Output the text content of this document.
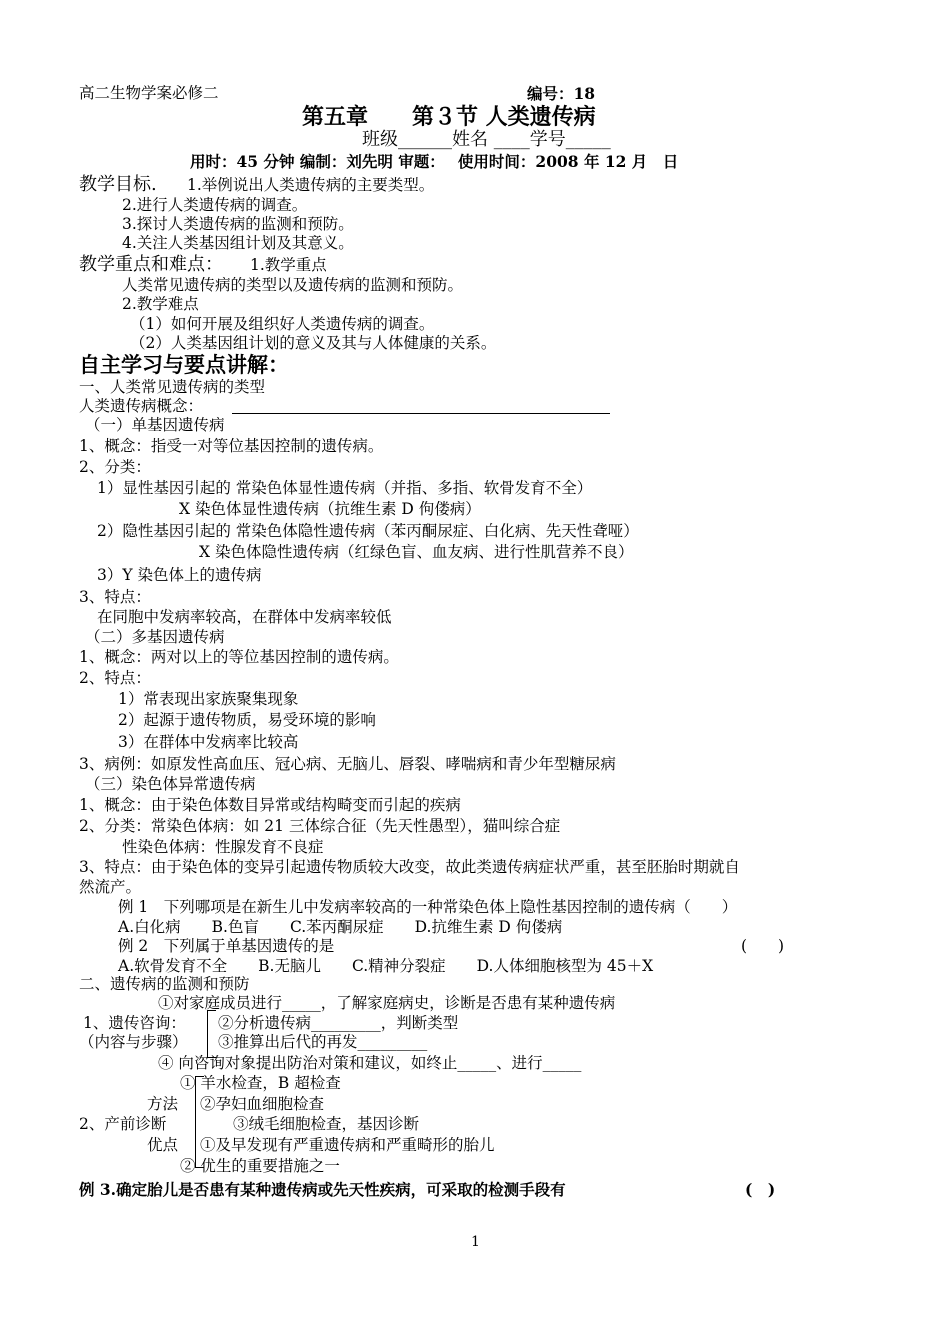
高二生物学案必修二	编号：18
第五章　　第３节 人类遗传病
班级______姓名 ____学号_____
用时：45 分钟 编制：刘先明 审题：　 使用时间：2008 年 12 月　日
教学目标. 1.举例说出人类遗传病的主要类型。
2.进行人类遗传病的调查。
3.探讨人类遗传病的监测和预防。
4.关注人类基因组计划及其意义。
教学重点和难点： 1.教学重点
人类常见遗传病的类型以及遗传病的监测和预防。
2.教学难点
（1）如何开展及组织好人类遗传病的调查。
（2）人类基因组计划的意义及其与人体健康的关系。
自主学习与要点讲解：
一、人类常见遗传病的类型
人类遗传病概念：
（一）单基因遗传病
1、概念：指受一对等位基因控制的遗传病。
2、分类：
1）显性基因引起的 常染色体显性遗传病（并指、多指、软骨发育不全）
X 染色体显性遗传病（抗维生素 D 佝偻病）
2）隐性基因引起的 常染色体隐性遗传病（苯丙酮尿症、白化病、先天性聋哑）
X 染色体隐性遗传病（红绿色盲、血友病、进行性肌营养不良）
3）Y 染色体上的遗传病
3、特点：
在同胞中发病率较高，在群体中发病率较低
（二）多基因遗传病
1、概念：两对以上的等位基因控制的遗传病。
2、特点：
1）常表现出家族聚集现象
2）起源于遗传物质，易受环境的影响
3）在群体中发病率比较高
3、病例：如原发性高血压、冠心病、无脑儿、唇裂、哮喘病和青少年型糖尿病
（三）染色体异常遗传病
1、概念：由于染色体数目异常或结构畸变而引起的疾病
2、分类：常染色体病：如 21 三体综合征（先天性愚型），猫叫综合症
性染色体病：性腺发育不良症
3、特点：由于染色体的变异引起遗传物质较大改变，故此类遗传病症状严重，甚至胚胎时期就自
然流产。
例 1　下列哪项是在新生儿中发病率较高的一种常染色体上隐性基因控制的遗传病（　　）
A.白化病　　B.色盲　　C.苯丙酮尿症　　D.抗维生素 D 佝偻病
例 2　下列属于单基因遗传的是	(　　)
A.软骨发育不全　　B.无脑儿　　C.精神分裂症　　D.人体细胞核型为 45＋X
二、遗传病的监测和预防
①对家庭成员进行_____，了解家庭病史，诊断是否患有某种遗传病
1、遗传咨询： ②分析遗传病_________，判断类型
（内容与步骤） ③推算出后代的再发_________
④ 向咨询对象提出防治对策和建议，如终止_____、进行_____
① 羊水检查，B 超检查
方法 ②孕妇血细胞检查
2、产前诊断	③绒毛细胞检查，基因诊断
优点 ①及早发现有严重遗传病和严重畸形的胎儿
② 优生的重要措施之一
例 3.确定胎儿是否患有某种遗传病或先天性疾病，可采取的检测手段有	(　)
1
